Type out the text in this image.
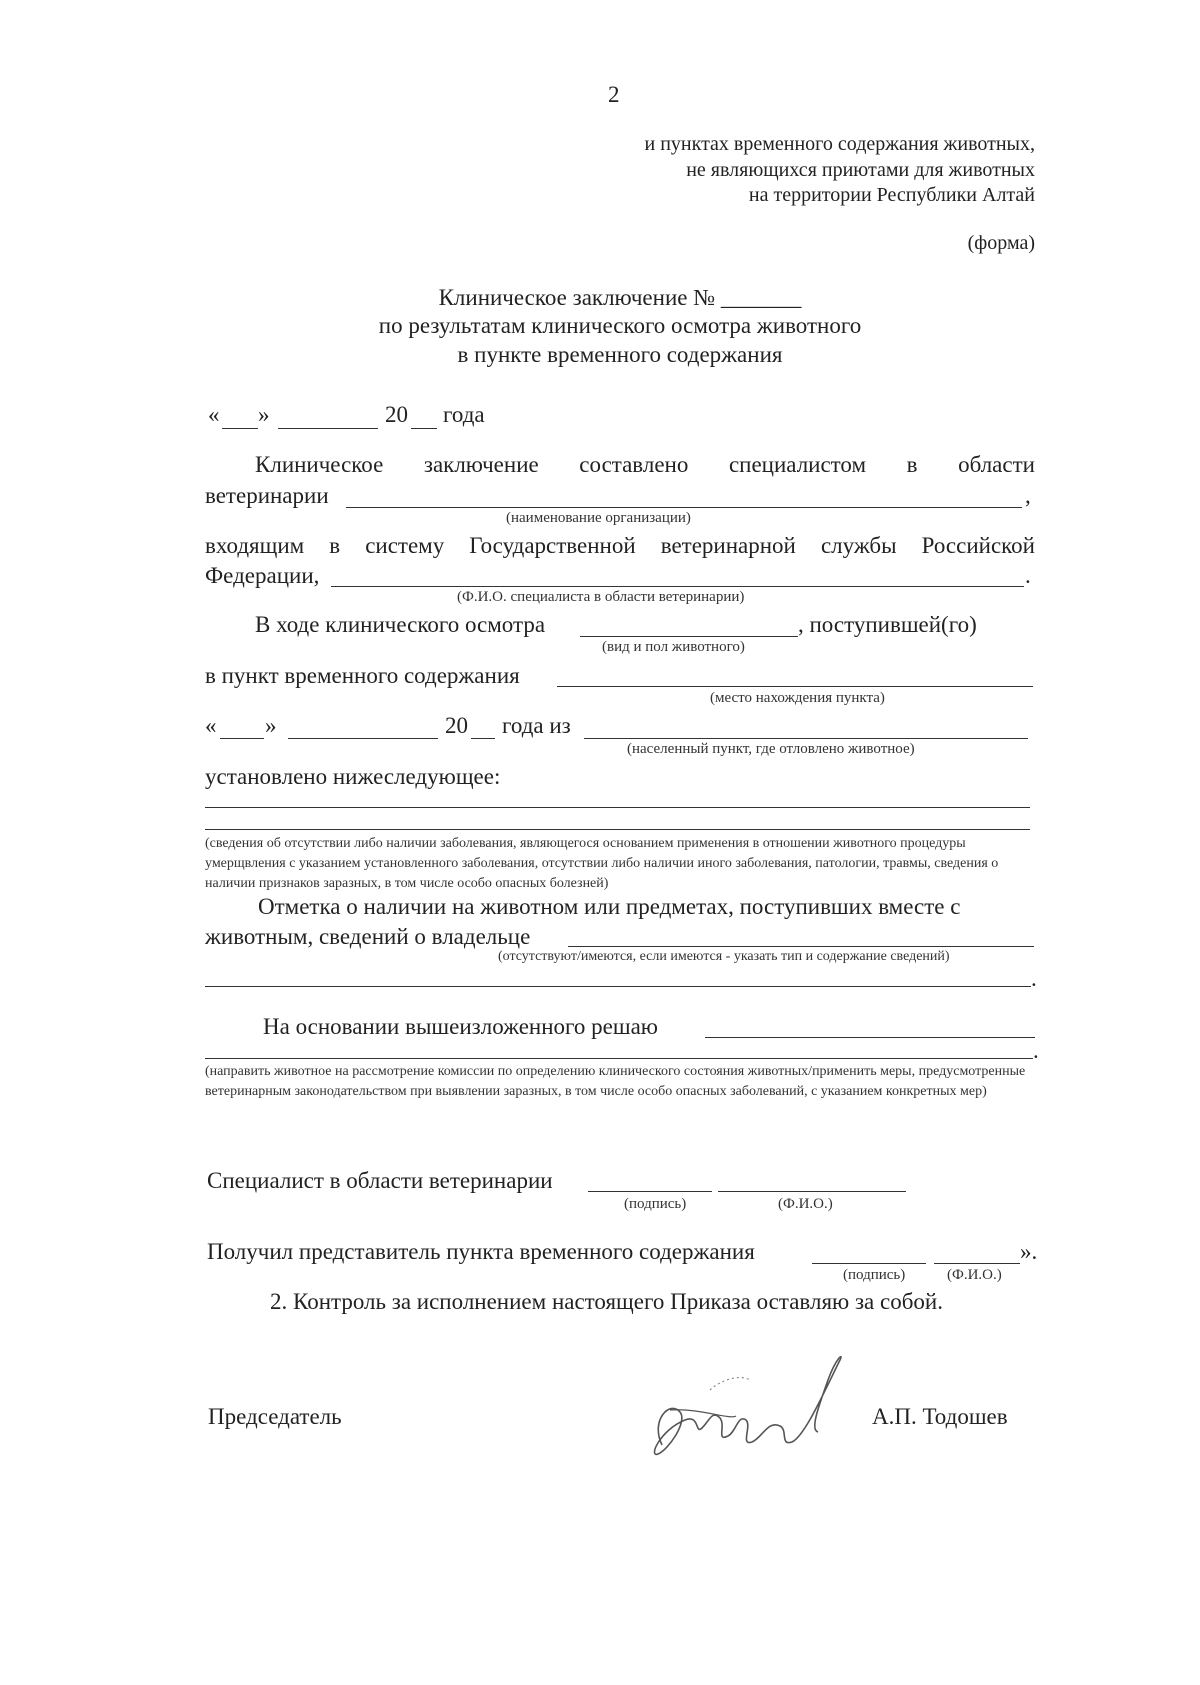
2
и пунктах временного содержания животных,
не являющихся приютами для животных
на территории Республики Алтай
(форма)
Клиническое заключение № _______
по результатам клинического осмотра животного
в пункте временного содержания
« »	20 года
Клиническое заключение составлено специалистом в области
ветеринарии	,
(наименование организации)
входящим в систему Государственной ветеринарной службы Российской
Федерации,	.
(Ф.И.О. специалиста в области ветеринарии)
В ходе клинического осмотра	, поступившей(го)
(вид и пол животного)
в пункт временного содержания
(место нахождения пункта)
« »	20 года из
(населенный пункт, где отловлено животное)
установлено нижеследующее:
(сведения об отсутствии либо наличии заболевания, являющегося основанием применения в отношении животного процедуры умерщвления с указанием установленного заболевания, отсутствии либо наличии иного заболевания, патологии, травмы, сведения о наличии признаков заразных, в том числе особо опасных болезней)
Отметка о наличии на животном или предметах, поступивших вместе с
животным, сведений о владельце
(отсутствуют/имеются, если имеются - указать тип и содержание сведений)
.
На основании вышеизложенного решаю
.
(направить животное на рассмотрение комиссии по определению клинического состояния животных/применить меры, предусмотренные ветеринарным законодательством при выявлении заразных, в том числе особо опасных заболеваний, с указанием конкретных мер)
Специалист в области ветеринарии
(подпись)	(Ф.И.О.)
Получил представитель пункта временного содержания	».
(подпись)	(Ф.И.О.)
2. Контроль за исполнением настоящего Приказа оставляю за собой.
Председатель	А.П. Тодошев
